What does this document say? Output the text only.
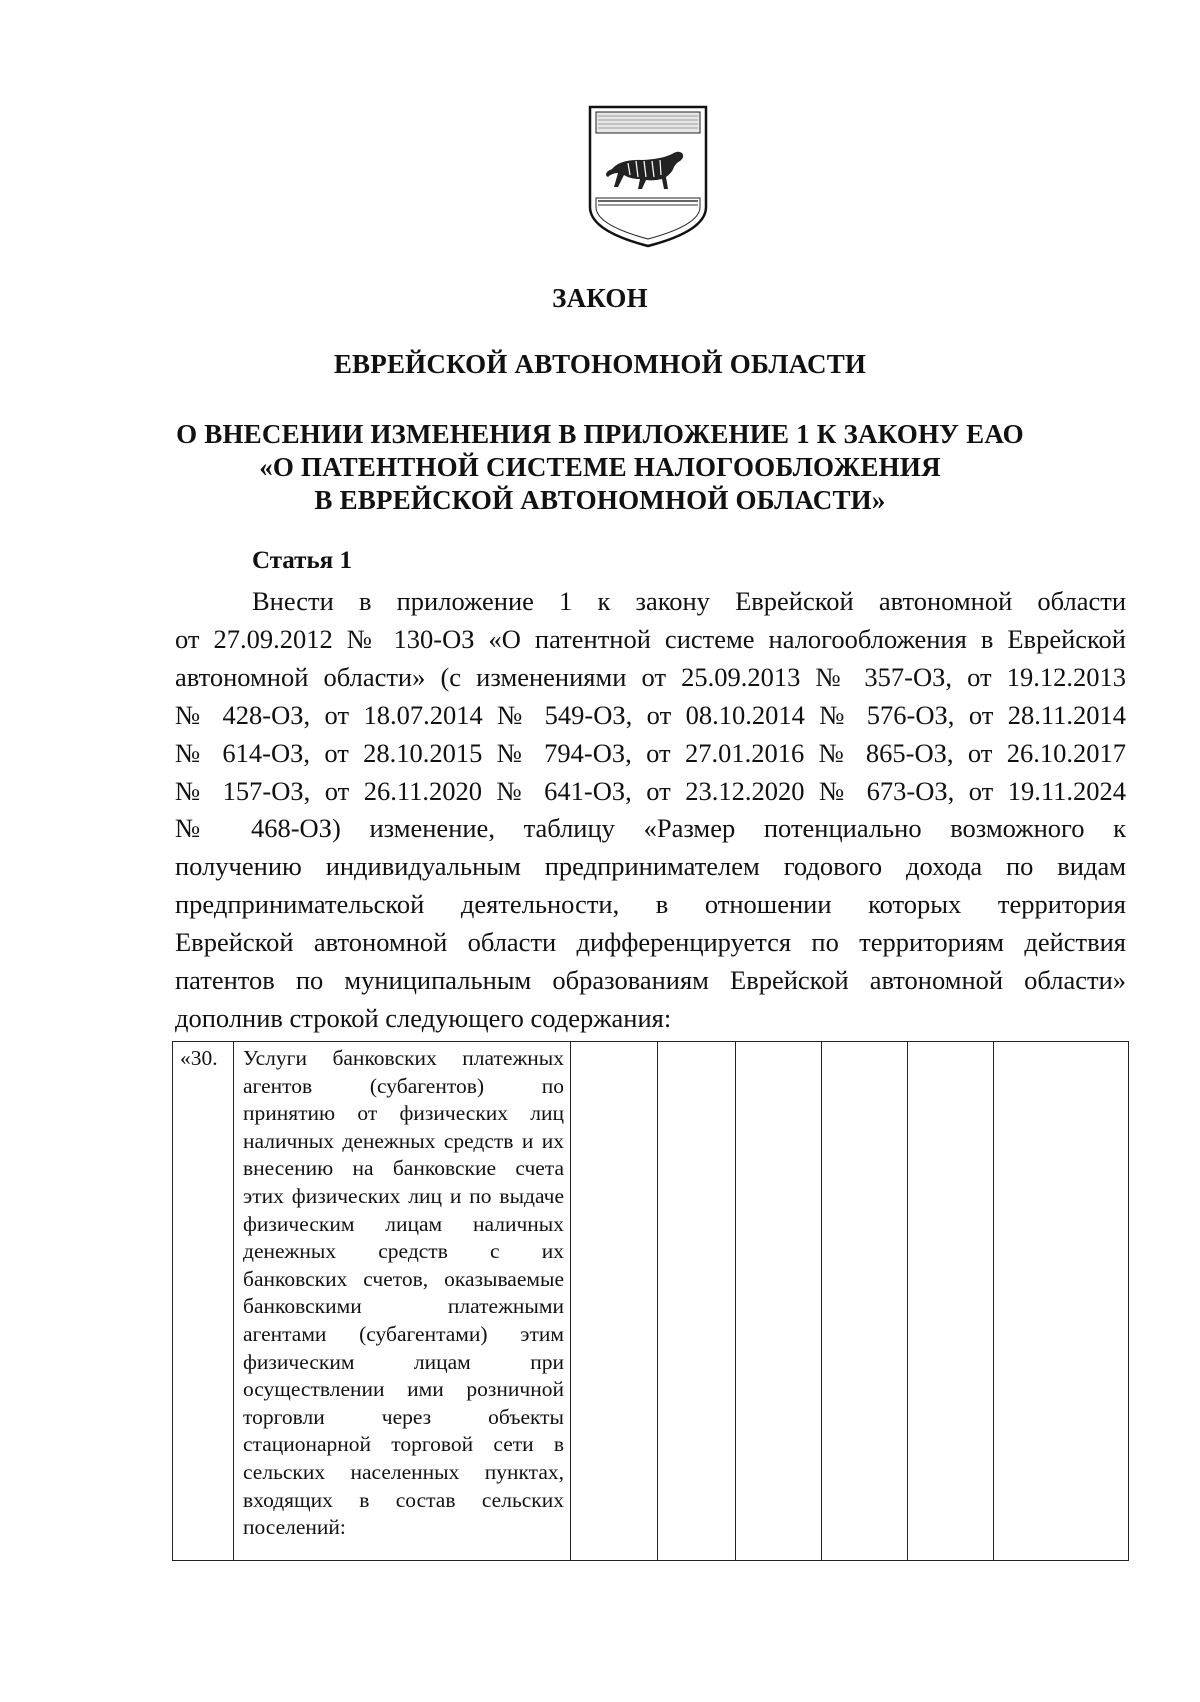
ЗАКОН
ЕВРЕЙСКОЙ АВТОНОМНОЙ ОБЛАСТИ
О ВНЕСЕНИИ ИЗМЕНЕНИЯ В ПРИЛОЖЕНИЕ 1 К ЗАКОНУ ЕАО
«О ПАТЕНТНОЙ СИСТЕМЕ НАЛОГООБЛОЖЕНИЯ
В ЕВРЕЙСКОЙ АВТОНОМНОЙ ОБЛАСТИ»
Статья 1
Внести в приложение 1 к закону Еврейской автономной области
от 27.09.2012 № 130-ОЗ «О патентной системе налогообложения в Еврейской
автономной области» (с изменениями от 25.09.2013 № 357-ОЗ, от 19.12.2013
№ 428-ОЗ, от 18.07.2014 № 549-ОЗ, от 08.10.2014 № 576-ОЗ, от 28.11.2014
№ 614-ОЗ, от 28.10.2015 № 794-ОЗ, от 27.01.2016 № 865-ОЗ, от 26.10.2017
№ 157-ОЗ, от 26.11.2020 № 641-ОЗ, от 23.12.2020 № 673-ОЗ, от 19.11.2024
№ 468-ОЗ) изменение, таблицу «Размер потенциально возможного к
получению индивидуальным предпринимателем годового дохода по видам
предпринимательской деятельности, в отношении которых территория
Еврейской автономной области дифференцируется по территориям действия
патентов по муниципальным образованиям Еврейской автономной области»
дополнив строкой следующего содержания:
«30.	Услуги банковских платежных
агентов (субагентов) по
принятию от физических лиц
наличных денежных средств и их
внесению на банковские счета
этих физических лиц и по выдаче
физическим лицам наличных
денежных средств с их
банковских счетов, оказываемые
банковскими платежными
агентами (субагентами) этим
физическим лицам при
осуществлении ими розничной
торговли через объекты
стационарной торговой сети в
сельских населенных пунктах,
входящих в состав сельских
поселений:
